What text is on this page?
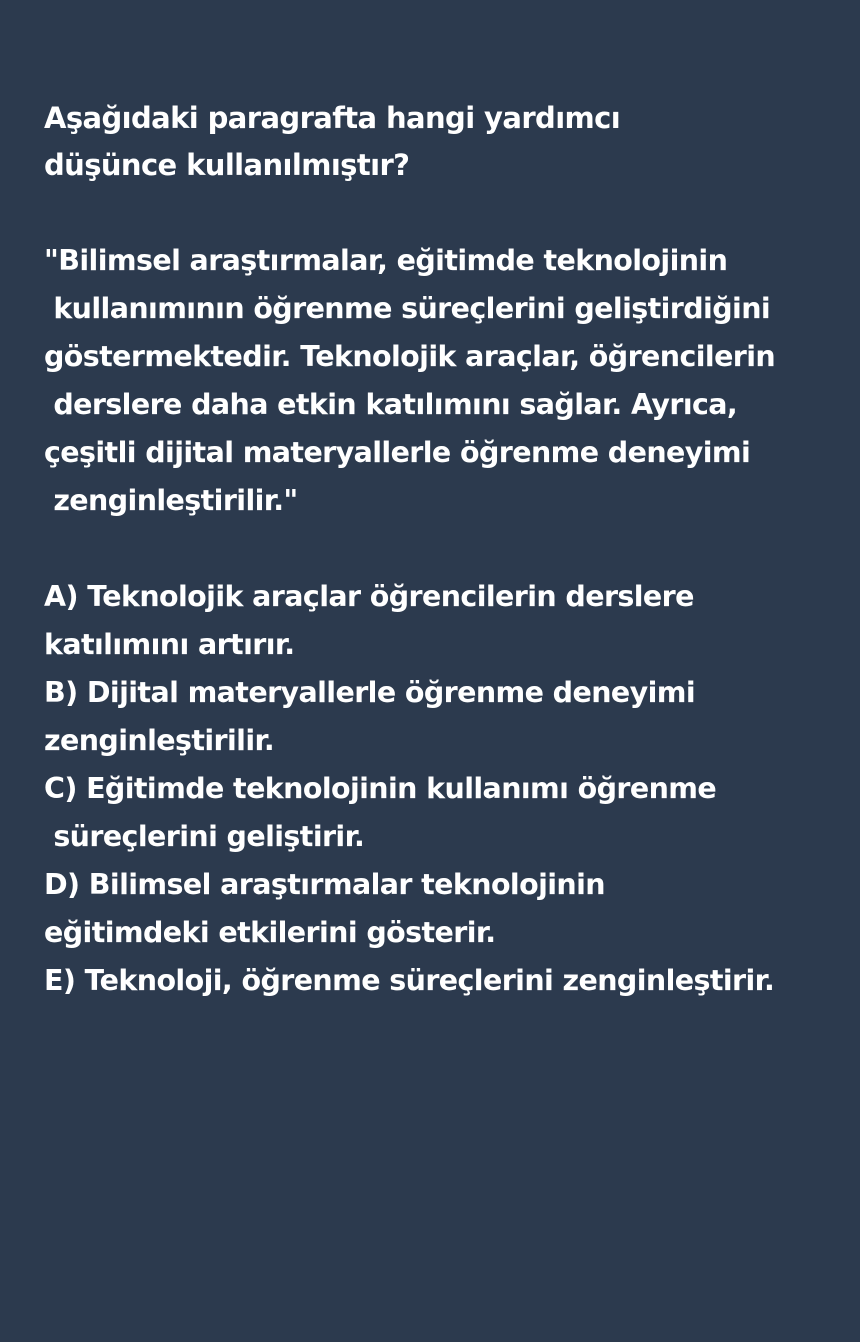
Aşağıdaki paragrafta hangi yardımcı
düşünce kullanılmıştır?
"Bilimsel araştırmalar, eğitimde teknolojinin
kullanımının öğrenme süreçlerini geliştirdiğini
göstermektedir. Teknolojik araçlar, öğrencilerin
derslere daha etkin katılımını sağlar. Ayrıca,
çeşitli dijital materyallerle öğrenme deneyimi
zenginleştirilir."
A) Teknolojik araçlar öğrencilerin derslere
katılımını artırır.
B) Dijital materyallerle öğrenme deneyimi
zenginleştirilir.
C) Eğitimde teknolojinin kullanımı öğrenme
süreçlerini geliştirir.
D) Bilimsel araştırmalar teknolojinin
eğitimdeki etkilerini gösterir.
E) Teknoloji, öğrenme süreçlerini zenginleştirir.
